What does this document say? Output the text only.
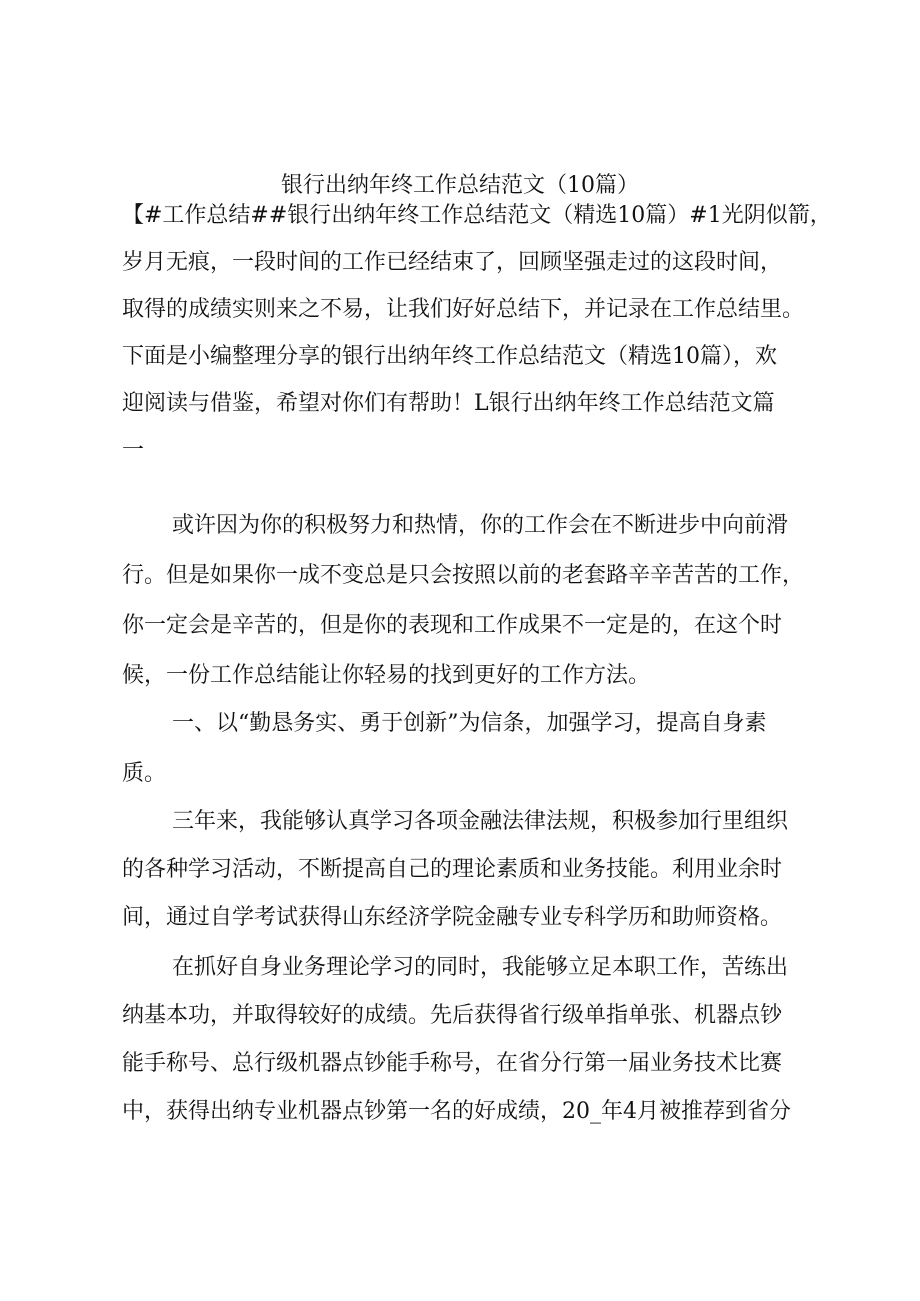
银行出纳年终工作总结范文（10篇）
【#工作总结##银行出纳年终工作总结范文（精选10篇）#1光阴似箭，
岁月无痕，一段时间的工作已经结束了，回顾坚强走过的这段时间，
取得的成绩实则来之不易，让我们好好总结下，并记录在工作总结里。
下面是小编整理分享的银行出纳年终工作总结范文（精选10篇），欢
迎阅读与借鉴，希望对你们有帮助！L银行出纳年终工作总结范文篇
一
或许因为你的积极努力和热情，你的工作会在不断进步中向前滑
行。但是如果你一成不变总是只会按照以前的老套路辛辛苦苦的工作，
你一定会是辛苦的，但是你的表现和工作成果不一定是的，在这个时
候，一份工作总结能让你轻易的找到更好的工作方法。
一、以“勤恳务实、勇于创新”为信条，加强学习，提高自身素
质。
三年来，我能够认真学习各项金融法律法规，积极参加行里组织
的各种学习活动，不断提高自己的理论素质和业务技能。利用业余时
间，通过自学考试获得山东经济学院金融专业专科学历和助师资格。
在抓好自身业务理论学习的同时，我能够立足本职工作，苦练出
纳基本功，并取得较好的成绩。先后获得省行级单指单张、机器点钞
能手称号、总行级机器点钞能手称号，在省分行第一届业务技术比赛
中，获得出纳专业机器点钞第一名的好成绩，20_年4月被推荐到省分
